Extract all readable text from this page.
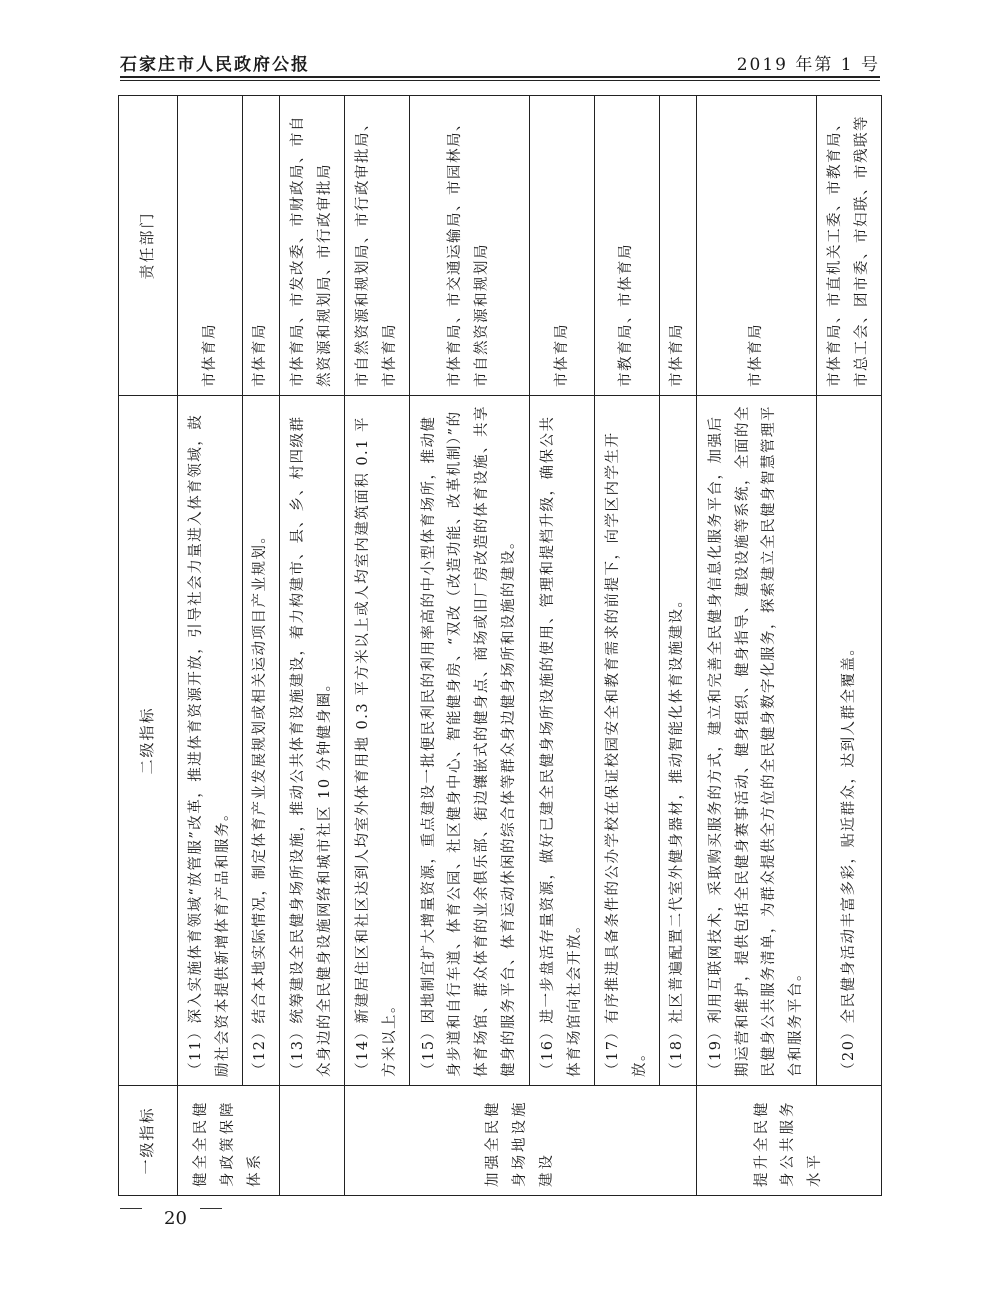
石家庄市人民政府公报	2019 年第 1 号
一级指标	二级指标	责任部门
健全全民健身政策保障体系	（11）深入实施体育领域“放管服”改革，推进体育资源开放，引导社会力量进入体育领域，鼓励社会资本提供新增体育产品和服务。	市体育局
	（12）结合本地实际情况，制定体育产业发展规划或相关运动项目产业规划。	市体育局
	（13）统筹建设全民健身场所设施，推动公共体育设施建设，着力构建市、县、乡、村四级群众身边的全民健身设施网络和城市社区 10 分钟健身圈。	市体育局、市发改委、市财政局、市自然资源和规划局、市行政审批局
加强全民健身场地设施建设	（14）新建居住区和社区达到人均室外体育用地 0.3 平方米以上或人均室内建筑面积 0.1 平方米以上。	市自然资源和规划局、市行政审批局、市体育局
	（15）因地制宜扩大增量资源，重点建设一批便民利民的利用率高的中小型体育场所，推动健身步道和自行车道、体育公园、社区健身中心、智能健身房、“双改（改造功能、改革机制）”的体育场馆、群众体育的业余俱乐部、街边镶嵌式的健身点、商场或旧厂房改造的体育设施、共享健身的服务平台、体育运动休闲的综合体等群众身边健身场所和设施的建设。	市体育局、市交通运输局、市园林局、市自然资源和规划局
	（16）进一步盘活存量资源，做好已建全民健身场所设施的使用、管理和提档升级，确保公共体育场馆向社会开放。	市体育局
	（17）有序推进具备条件的公办学校在保证校园安全和教育需求的前提下，向学区内学生开放。	市教育局、市体育局
	（18）社区普遍配置二代室外健身器材，推动智能化体育设施建设。	市体育局
提升全民健身公共服务水平	（19）利用互联网技术，采取购买服务的方式，建立和完善全民健身信息化服务平台，加强后期运营和维护，提供包括全民健身赛事活动、健身组织、健身指导、建设设施等系统，全面的全民健身公共服务清单，为群众提供全方位的全民健身数字化服务，探索建立全民健身智慧管理平台和服务平台。	市体育局
	（20）全民健身活动丰富多彩，贴近群众，达到人群全覆盖。	市体育局、市直机关工委、市教育局、市总工会、团市委、市妇联、市残联等
20
